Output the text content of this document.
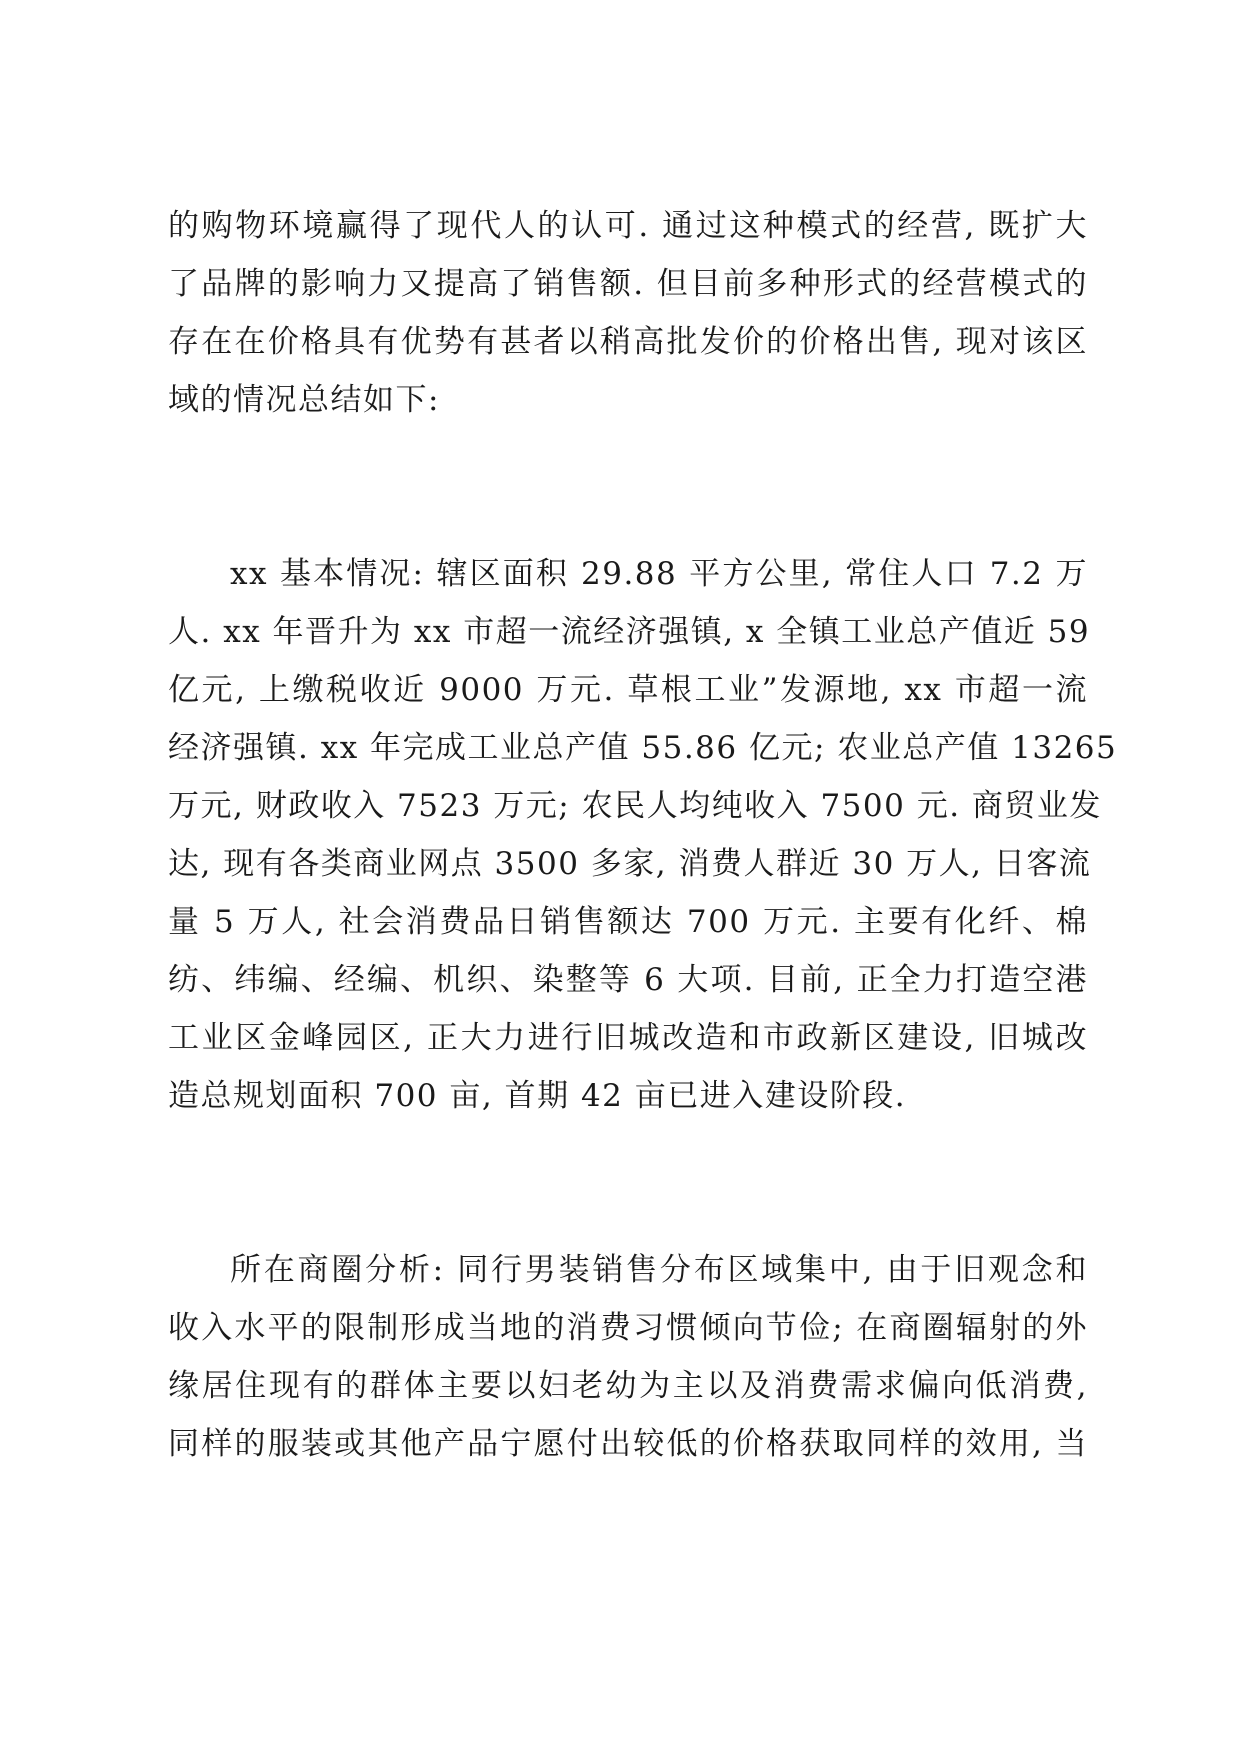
的购物环境赢得了现代人的认可. 通过这种模式的经营, 既扩大
了品牌的影响力又提高了销售额. 但目前多种形式的经营模式的
存在在价格具有优势有甚者以稍高批发价的价格出售, 现对该区
域的情况总结如下:
xx 基本情况: 辖区面积 29.88 平方公里, 常住人口 7.2 万
人. xx 年晋升为 xx 市超一流经济强镇, x 全镇工业总产值近 59
亿元, 上缴税收近 9000 万元. 草根工业”发源地, xx 市超一流
经济强镇. xx 年完成工业总产值 55.86 亿元; 农业总产值 13265
万元, 财政收入 7523 万元; 农民人均纯收入 7500 元. 商贸业发
达, 现有各类商业网点 3500 多家, 消费人群近 30 万人, 日客流
量 5 万人, 社会消费品日销售额达 700 万元. 主要有化纤、棉
纺、纬编、经编、机织、染整等 6 大项. 目前, 正全力打造空港
工业区金峰园区, 正大力进行旧城改造和市政新区建设, 旧城改
造总规划面积 700 亩, 首期 42 亩已进入建设阶段.
所在商圈分析: 同行男装销售分布区域集中, 由于旧观念和
收入水平的限制形成当地的消费习惯倾向节俭; 在商圈辐射的外
缘居住现有的群体主要以妇老幼为主以及消费需求偏向低消费,
同样的服装或其他产品宁愿付出较低的价格获取同样的效用, 当
